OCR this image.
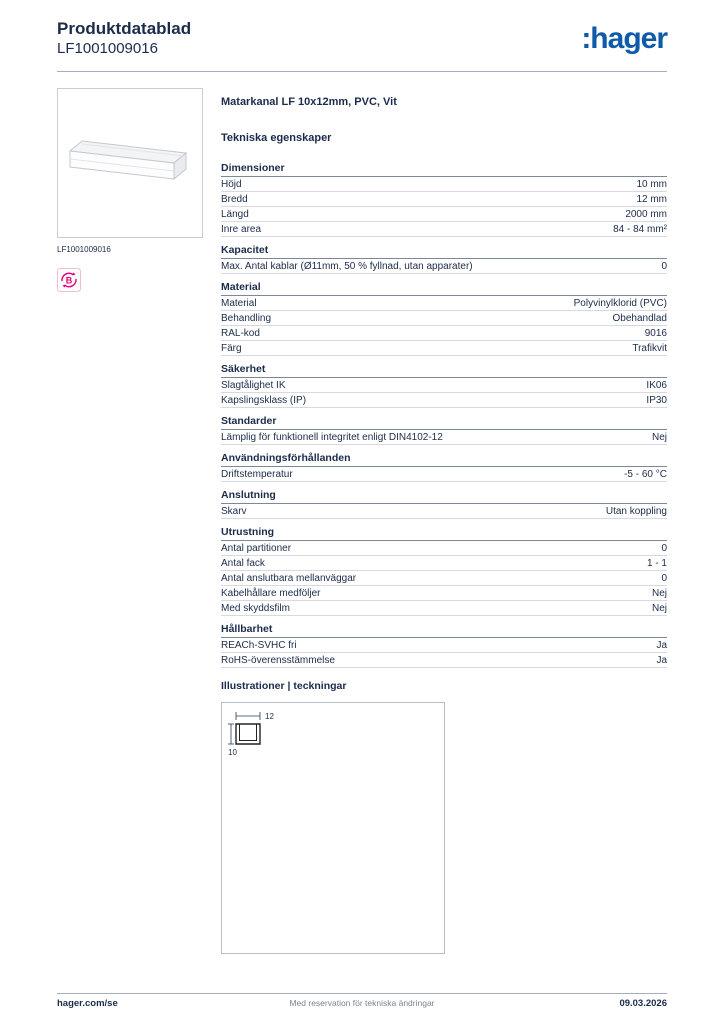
Produktdatablad
LF1001009016	:hager
LF1001009016
B
Matarkanal LF 10x12mm, PVC, Vit
Tekniska egenskaper
Dimensioner
Höjd	10 mm
Bredd	12 mm
Längd	2000 mm
Inre area	84 - 84 mm²
Kapacitet
Max. Antal kablar (Ø11mm, 50 % fyllnad, utan apparater)	0
Material
Material	Polyvinylklorid (PVC)
Behandling	Obehandlad
RAL-kod	9016
Färg	Trafikvit
Säkerhet
Slagtålighet IK	IK06
Kapslingsklass (IP)	IP30
Standarder
Lämplig för funktionell integritet enligt DIN4102-12	Nej
Användningsförhållanden
Driftstemperatur	-5 - 60 °C
Anslutning
Skarv	Utan koppling
Utrustning
Antal partitioner	0
Antal fack	1 - 1
Antal anslutbara mellanväggar	0
Kabelhållare medföljer	Nej
Med skyddsfilm	Nej
Hållbarhet
REACh-SVHC fri	Ja
RoHS-överensstämmelse	Ja
Illustrationer | teckningar
12
10
hager.com/se	Med reservation för tekniska ändringar	09.03.2026
